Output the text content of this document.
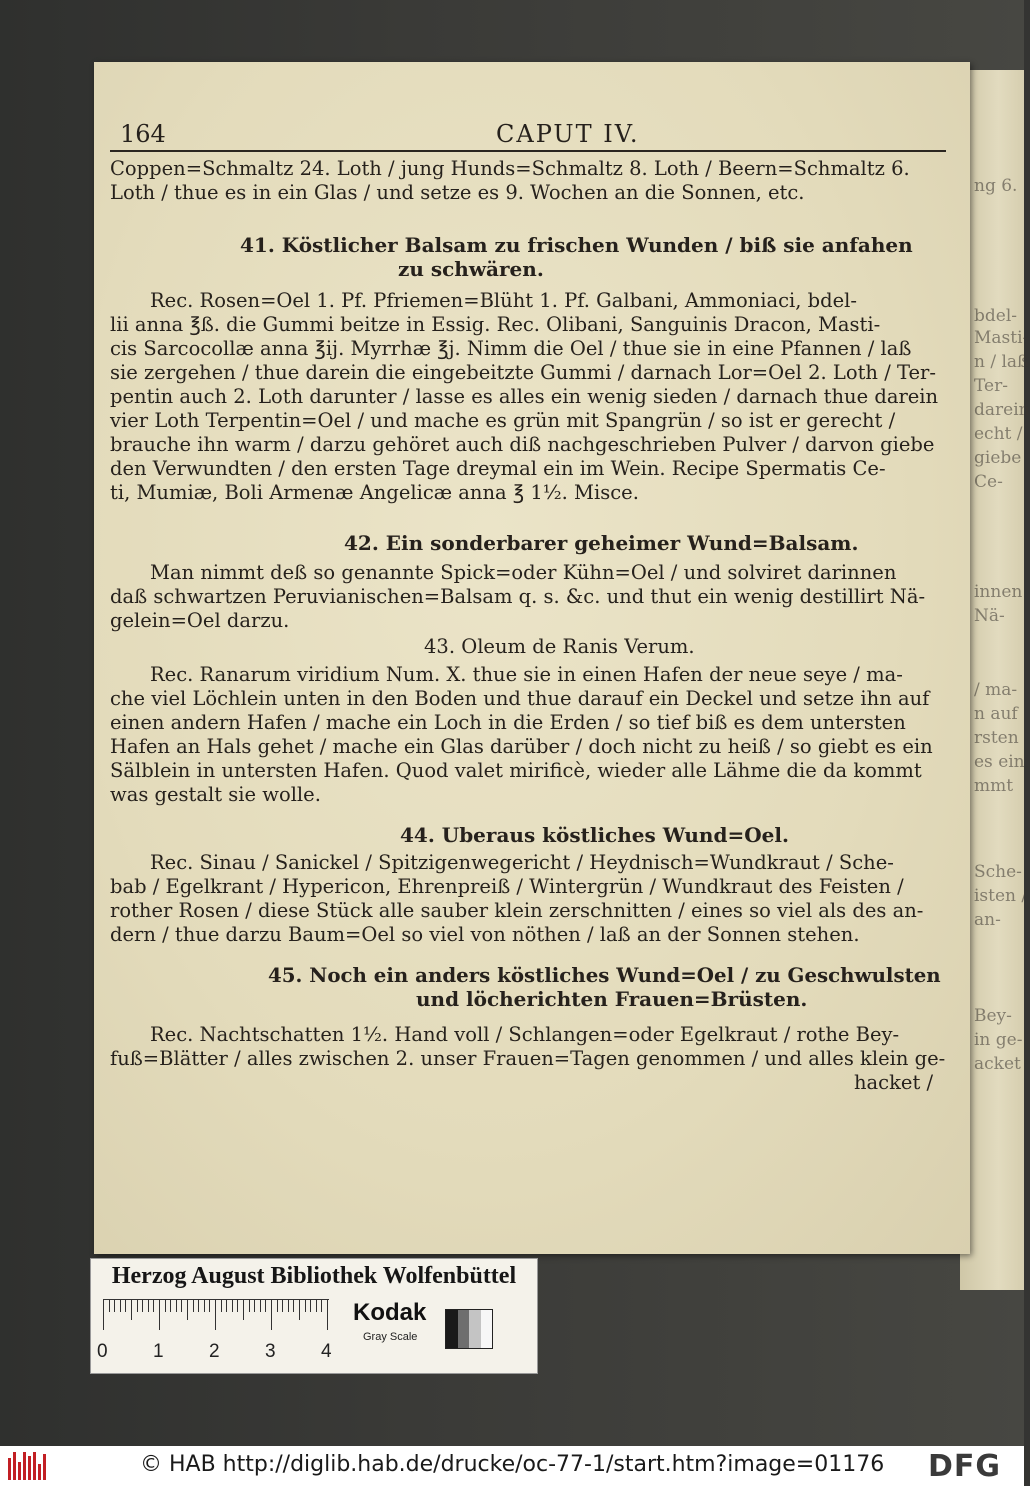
ng 6.
bdel-
Masti-
n / laß
Ter-
darein
echt /
giebe
Ce-
innen
Nä-
/ ma-
n auf
rsten
es ein
mmt
Sche-
isten /
an-
Bey-
in ge-
acket
164	CAPUT IV.
Coppen=Schmaltz 24. Loth / jung Hunds=Schmaltz 8. Loth / Beern=Schmaltz 6.
Loth / thue es in ein Glas / und setze es 9. Wochen an die Sonnen, etc.
41. Köstlicher Balsam zu frischen Wunden / biß sie anfahen
zu schwären.
Rec. Rosen=Oel 1. Pf. Pfriemen=Blüht 1. Pf. Galbani, Ammoniaci, bdel-
lii anna ℥ß. die Gummi beitze in Essig. Rec. Olibani, Sanguinis Dracon, Masti-
cis Sarcocollæ anna ℥ij. Myrrhæ ℥j. Nimm die Oel / thue sie in eine Pfannen / laß
sie zergehen / thue darein die eingebeitzte Gummi / darnach Lor=Oel 2. Loth / Ter-
pentin auch 2. Loth darunter / lasse es alles ein wenig sieden / darnach thue darein
vier Loth Terpentin=Oel / und mache es grün mit Spangrün / so ist er gerecht /
brauche ihn warm / darzu gehöret auch diß nachgeschrieben Pulver / darvon giebe
den Verwundten / den ersten Tage dreymal ein im Wein. Recipe Spermatis Ce-
ti, Mumiæ, Boli Armenæ Angelicæ anna ℥ 1½. Misce.
42. Ein sonderbarer geheimer Wund=Balsam.
Man nimmt deß so genannte Spick=oder Kühn=Oel / und solviret darinnen
daß schwartzen Peruvianischen=Balsam q. s. &c. und thut ein wenig destillirt Nä-
gelein=Oel darzu.
43. Oleum de Ranis Verum.
Rec. Ranarum viridium Num. X. thue sie in einen Hafen der neue seye / ma-
che viel Löchlein unten in den Boden und thue darauf ein Deckel und setze ihn auf
einen andern Hafen / mache ein Loch in die Erden / so tief biß es dem untersten
Hafen an Hals gehet / mache ein Glas darüber / doch nicht zu heiß / so giebt es ein
Sälblein in untersten Hafen. Quod valet mirificè, wieder alle Lähme die da kommt
was gestalt sie wolle.
44. Uberaus köstliches Wund=Oel.
Rec. Sinau / Sanickel / Spitzigenwegericht / Heydnisch=Wundkraut / Sche-
bab / Egelkrant / Hypericon, Ehrenpreiß / Wintergrün / Wundkraut des Feisten /
rother Rosen / diese Stück alle sauber klein zerschnitten / eines so viel als des an-
dern / thue darzu Baum=Oel so viel von nöthen / laß an der Sonnen stehen.
45. Noch ein anders köstliches Wund=Oel / zu Geschwulsten
und löcherichten Frauen=Brüsten.
Rec. Nachtschatten 1½. Hand voll / Schlangen=oder Egelkraut / rothe Bey-
fuß=Blätter / alles zwischen 2. unser Frauen=Tagen genommen / und alles klein ge-
hacket /
Herzog August Bibliothek Wolfenbüttel
0 1 2 3 4
Kodak
Gray Scale
© HAB http://diglib.hab.de/drucke/oc-77-1/start.htm?image=01176 DFG
